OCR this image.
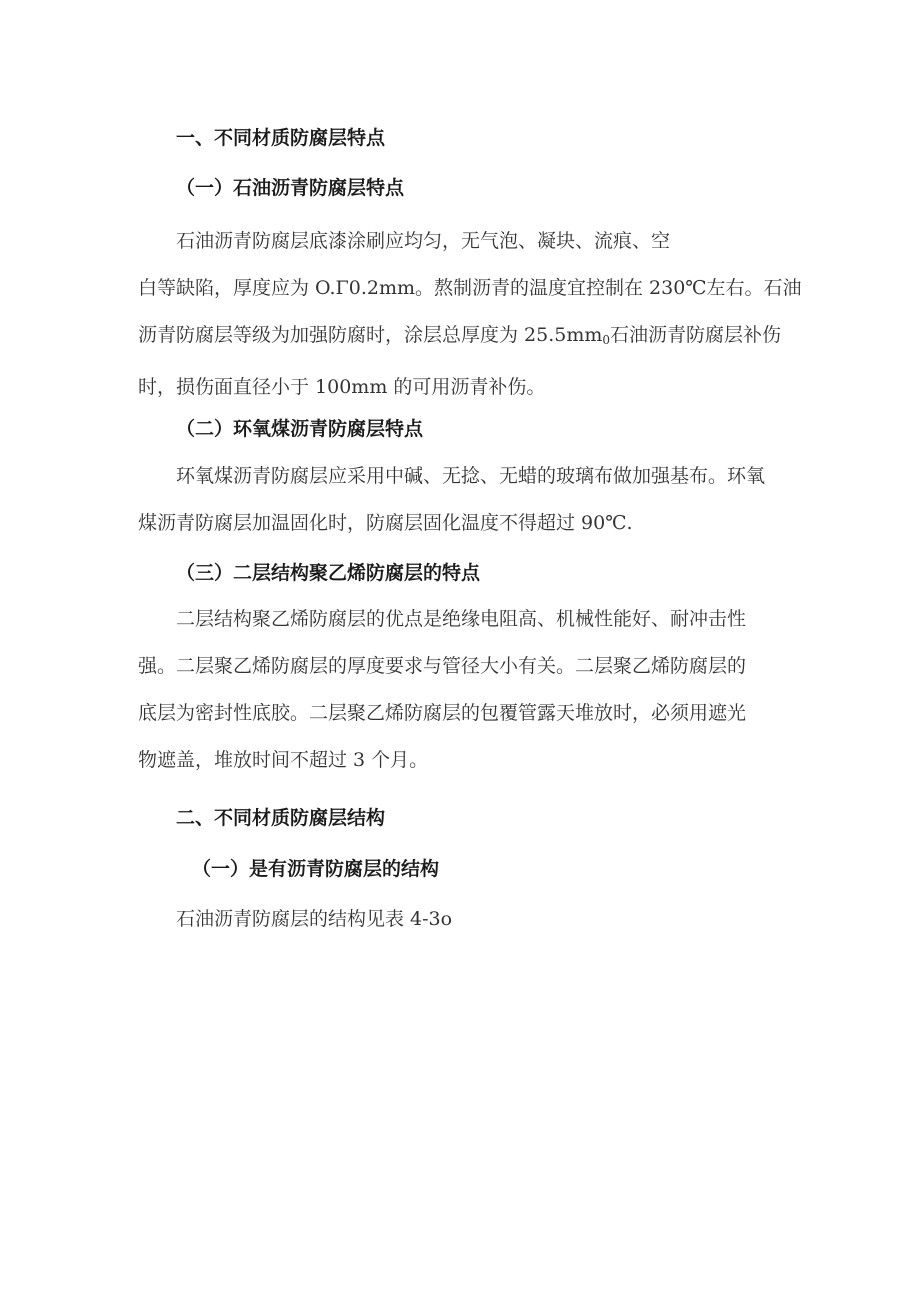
一、不同材质防腐层特点
（一）石油沥青防腐层特点
石油沥青防腐层底漆涂刷应均匀，无气泡、凝块、流痕、空
白等缺陷，厚度应为 O.Γ0.2mm。熬制沥青的温度宜控制在 230℃左右。石油
沥青防腐层等级为加强防腐时，涂层总厚度为 $25.5mm_0$石油沥青防腐层补伤
时，损伤面直径小于 100mm 的可用沥青补伤。
（二）环氧煤沥青防腐层特点
环氧煤沥青防腐层应采用中碱、无捻、无蜡的玻璃布做加强基布。环氧
煤沥青防腐层加温固化时，防腐层固化温度不得超过 90℃.
（三）二层结构聚乙烯防腐层的特点
二层结构聚乙烯防腐层的优点是绝缘电阻高、机械性能好、耐冲击性
强。二层聚乙烯防腐层的厚度要求与管径大小有关。二层聚乙烯防腐层的
底层为密封性底胶。二层聚乙烯防腐层的包覆管露天堆放时，必须用遮光
物遮盖，堆放时间不超过 3 个月。
二、不同材质防腐层结构
（一）是有沥青防腐层的结构
石油沥青防腐层的结构见表 4-3o
